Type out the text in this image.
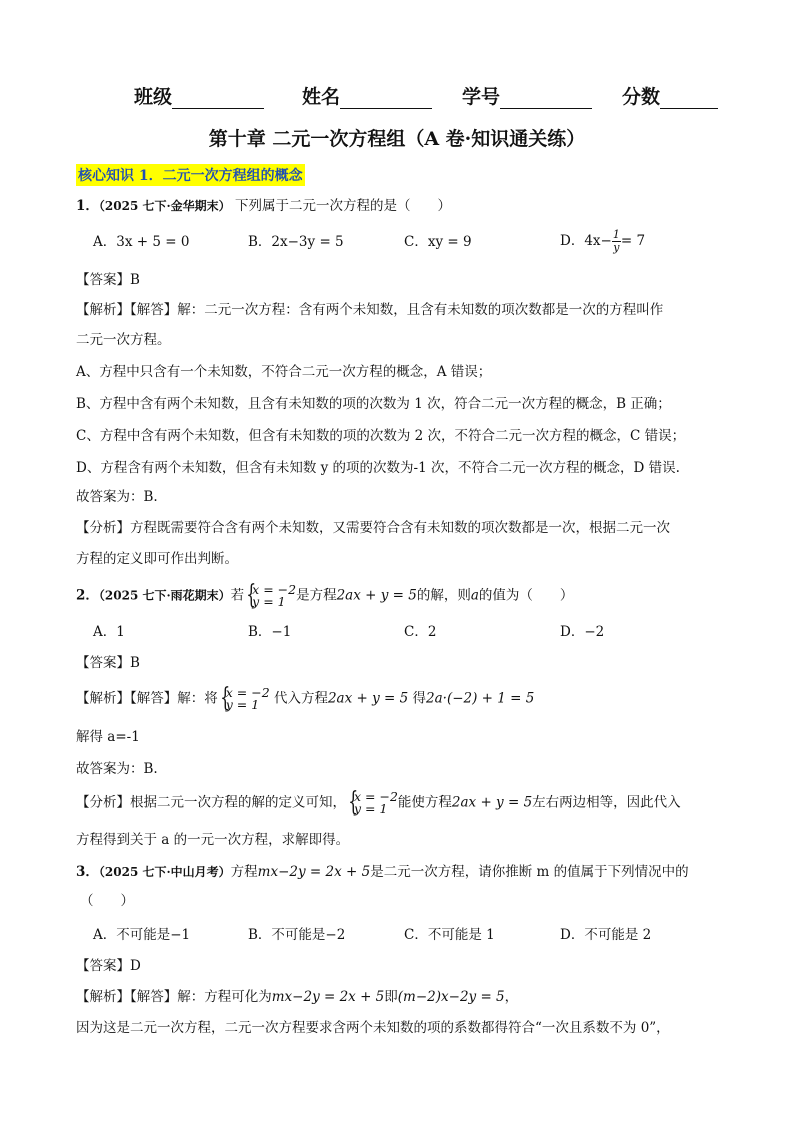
班级	姓名	学号	分数
第十章 二元一次方程组（A 卷·知识通关练）
核心知识 1．二元一次方程组的概念
1．（2025 七下·金华期末） 下列属于二元一次方程的是（　　）
A．3x + 5 = 0	B．2x−3y = 5	C．xy = 9	D．$4x- \frac{1}{y} = 7$
【答案】B
【解析】【解答】解：二元一次方程：含有两个未知数，且含有未知数的项次数都是一次的方程叫作
二元一次方程。
A、方程中只含有一个未知数，不符合二元一次方程的概念，A 错误；
B、方程中含有两个未知数，且含有未知数的项的次数为 1 次，符合二元一次方程的概念，B 正确；
C、方程中含有两个未知数，但含有未知数的项的次数为 2 次，不符合二元一次方程的概念，C 错误；
D、方程含有两个未知数，但含有未知数 y 的项的次数为-1 次，不符合二元一次方程的概念，D 错误.
故答案为：B.
【分析】方程既需要符合含有两个未知数，又需要符合含有未知数的项次数都是一次，根据二元一次
方程的定义即可作出判断。
2．（2025 七下·雨花期末）若 { x = −2
y = 1 是方程2ax + y = 5的解，则a的值为（　　）
A．1	B．−1	C．2	D．−2
【答案】B
【解析】【解答】解：将 { x = −2
y = 1	代入方程2ax + y = 5 得2a·(−2) + 1 = 5
解得 a=-1
故答案为：B.
【分析】根据二元一次方程的解的定义可知， { x = −2
y = 1 能使方程2ax + y = 5左右两边相等，因此代入
方程得到关于 a 的一元一次方程，求解即得。
3．（2025 七下·中山月考）方程mx−2y = 2x + 5是二元一次方程，请你推断 m 的值属于下列情况中的
（　　）
A．不可能是−1	B．不可能是−2	C．不可能是 1	D．不可能是 2
【答案】D
【解析】【解答】解：方程可化为mx−2y = 2x + 5即(m−2)x−2y = 5，
因为这是二元一次方程，二元一次方程要求含两个未知数的项的系数都得符合“一次且系数不为 0”，
